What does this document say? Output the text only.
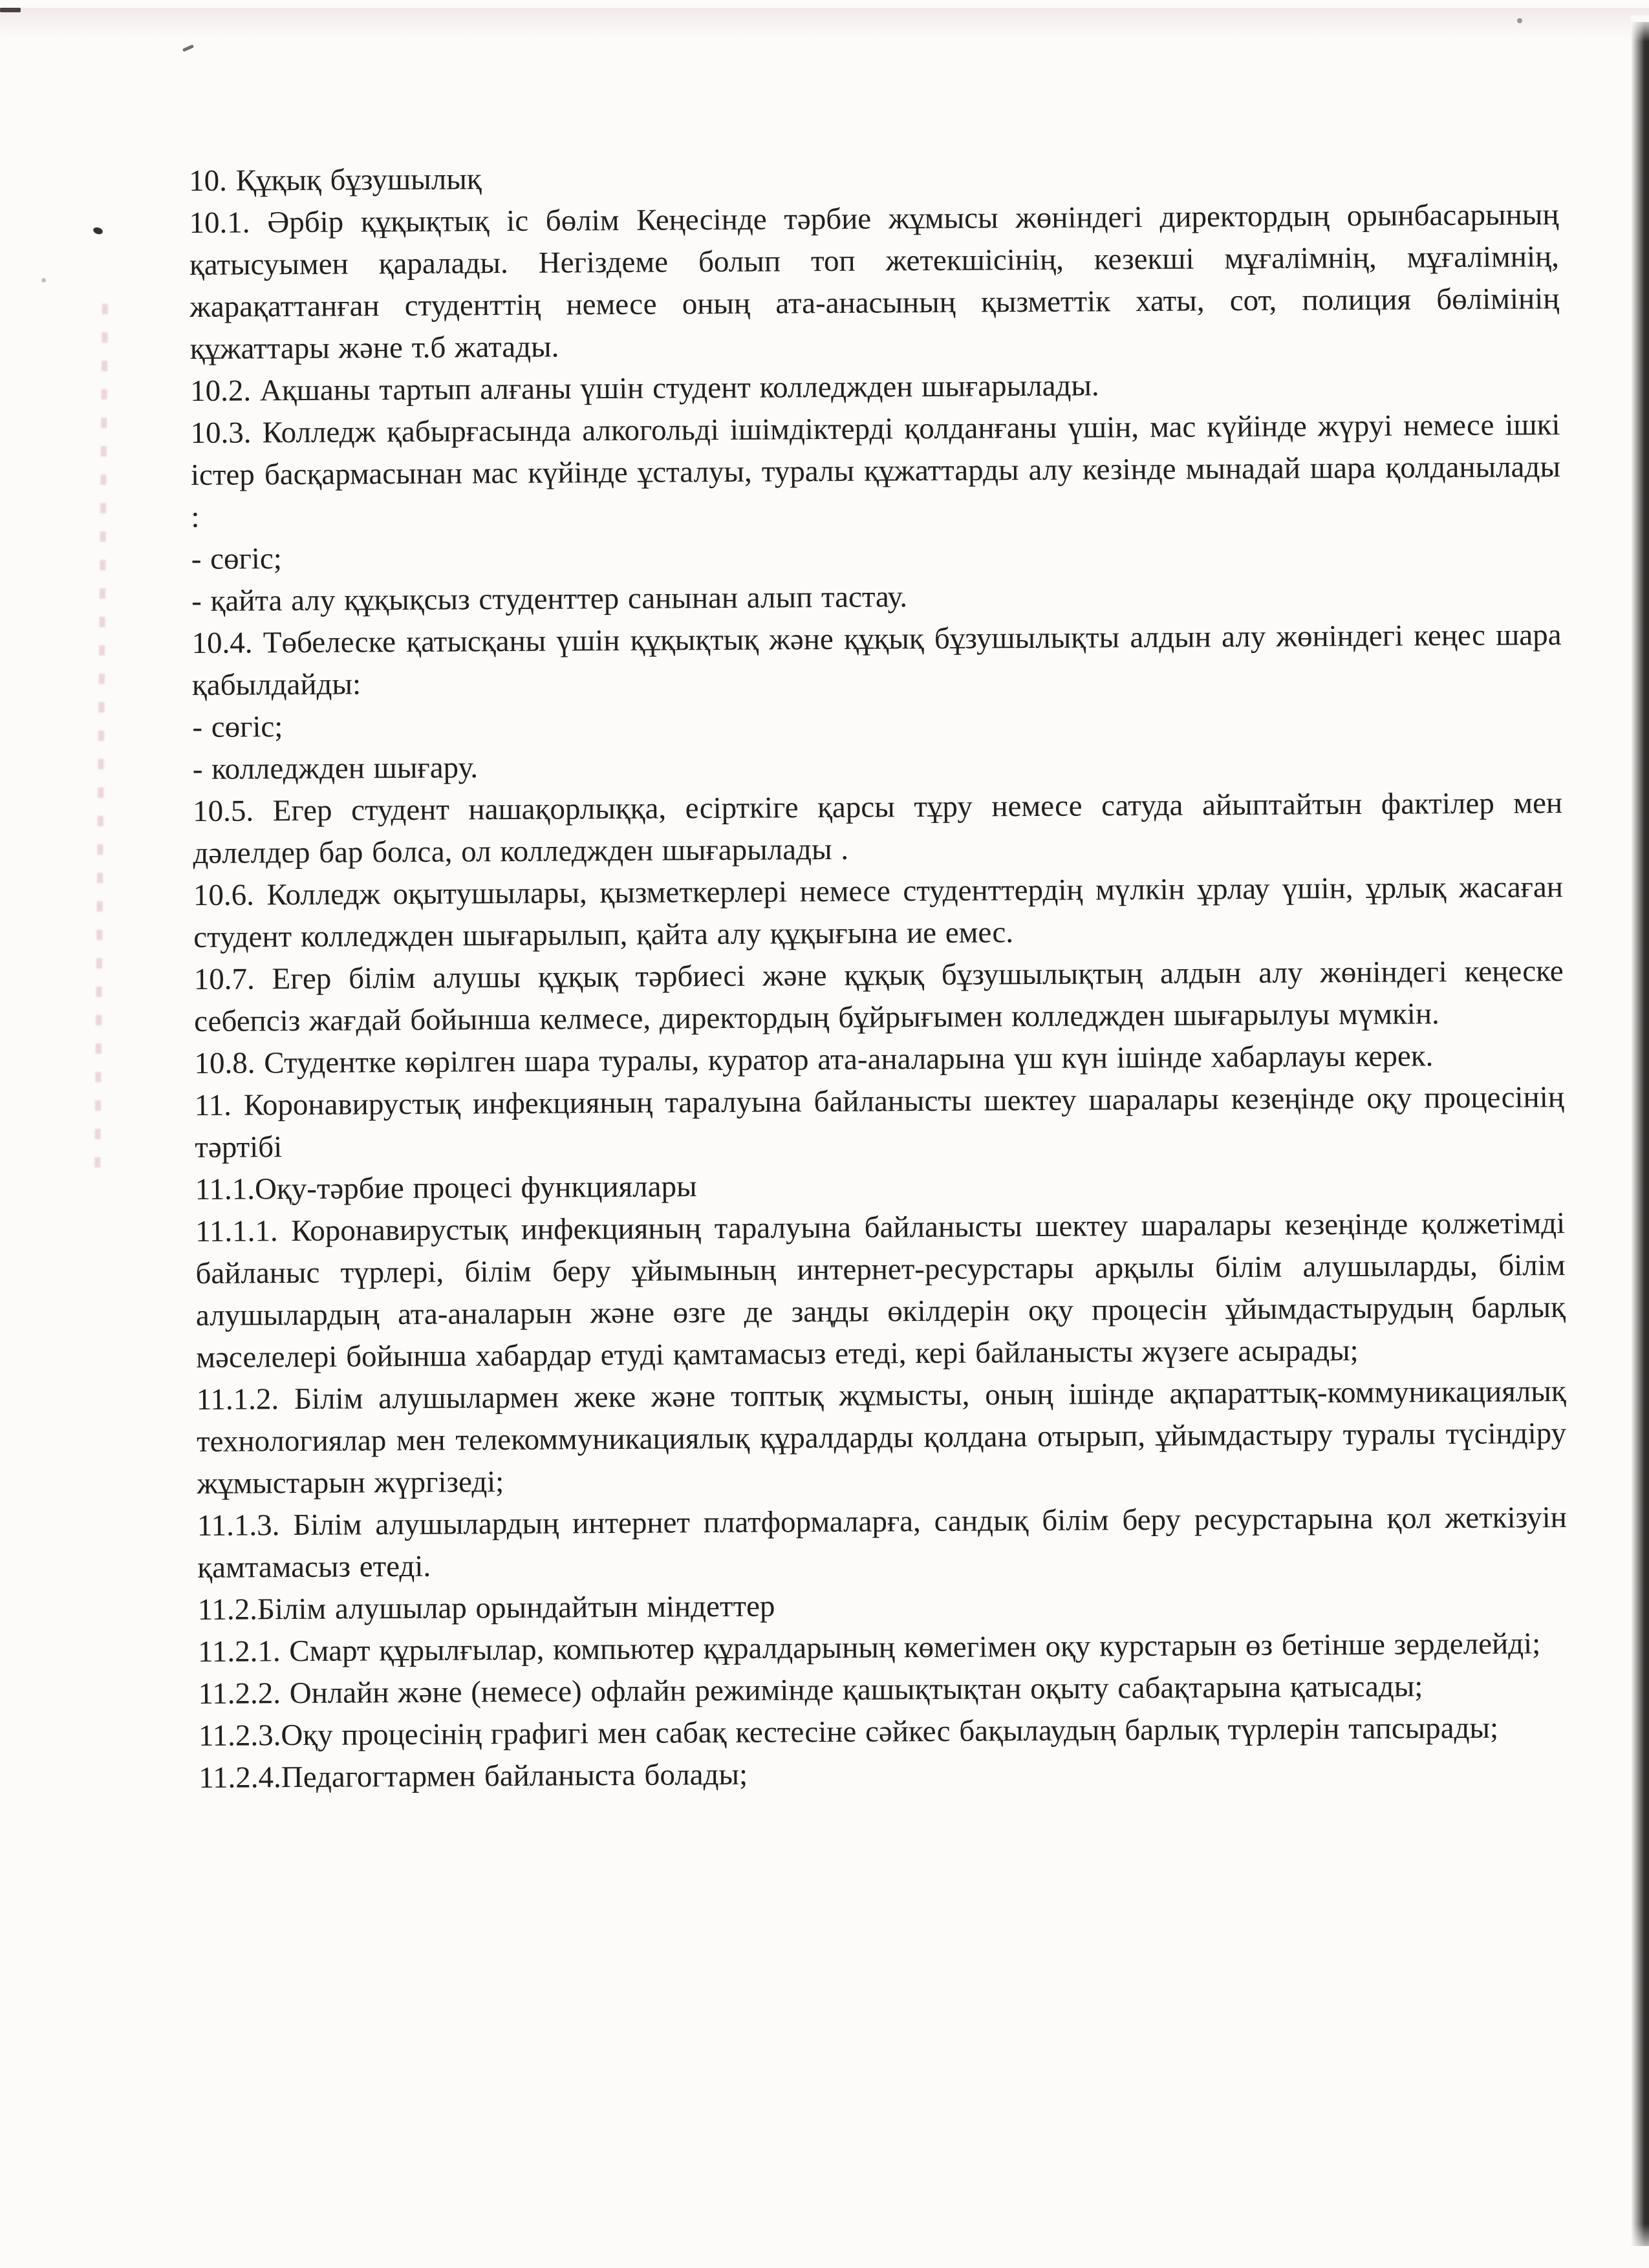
10. Құқық бұзушылық

10.1. Әрбір құқықтық іс бөлім Кеңесінде тәрбие жұмысы жөніндегі директордың орынбасарының қатысуымен қаралады. Негіздеме болып топ жетекшісінің, кезекші мұғалімнің, мұғалімнің, жарақаттанған студенттің немесе оның ата-анасының қызметтік хаты, сот, полиция бөлімінің құжаттары және т.б жатады.

10.2. Ақшаны тартып алғаны үшін студент колледжден шығарылады.

10.3. Колледж қабырғасында алкогольді ішімдіктерді қолданғаны үшін, мас күйінде жүруі немесе ішкі істер басқармасынан мас күйінде ұсталуы, туралы құжаттарды алу кезінде мынадай шара қолданылады :

- сөгіс;

- қайта алу құқықсыз студенттер санынан алып тастау.

10.4. Төбелеске қатысқаны үшін құқықтық және құқық бұзушылықты алдын алу жөніндегі кеңес шара қабылдайды:

- сөгіс;

- колледжден шығару.

10.5. Егер студент нашақорлыққа, есірткіге қарсы тұру немесе сатуда айыптайтын фактілер мен дәлелдер бар болса, ол колледжден шығарылады .

10.6. Колледж оқытушылары, қызметкерлері немесе студенттердің мүлкін ұрлау үшін, ұрлық жасаған студент колледжден шығарылып, қайта алу құқығына ие емес.

10.7. Егер білім алушы құқық тәрбиесі және құқық бұзушылықтың алдын алу жөніндегі кеңеске себепсіз жағдай бойынша келмесе, директордың бұйрығымен колледжден шығарылуы мүмкін.

10.8. Студентке көрілген шара туралы, куратор ата-аналарына үш күн ішінде хабарлауы керек.

11. Коронавирустық инфекцияның таралуына байланысты шектеу шаралары кезеңінде оқу процесінің тәртібі
11.1.Оқу-тәрбие процесі функциялары

11.1.1. Коронавирустық инфекцияның таралуына байланысты шектеу шаралары кезеңінде қолжетімді байланыс түрлері, білім беру ұйымының интернет-ресурстары арқылы білім алушыларды, білім алушылардың ата-аналарын және өзге де заңды өкілдерін оқу процесін ұйымдастырудың барлық мәселелері бойынша хабардар етуді қамтамасыз етеді, кері байланысты жүзеге асырады;

11.1.2. Білім алушылармен жеке және топтық жұмысты, оның ішінде ақпараттық-коммуникациялық технологиялар мен телекоммуникациялық құралдарды қолдана отырып, ұйымдастыру туралы түсіндіру жұмыстарын жүргізеді;

11.1.3. Білім алушылардың интернет платформаларға, сандық білім беру ресурстарына қол жеткізуін қамтамасыз етеді.

11.2.Білім алушылар орындайтын міндеттер

11.2.1. Смарт құрылғылар, компьютер құралдарының көмегімен оқу курстарын өз бетінше зерделейді;

11.2.2. Онлайн және (немесе) офлайн режимінде қашықтықтан оқыту сабақтарына қатысады;

11.2.3.Оқу процесінің графигі мен сабақ кестесіне сәйкес бақылаудың барлық түрлерін тапсырады;

11.2.4.Педагогтармен байланыста болады;
